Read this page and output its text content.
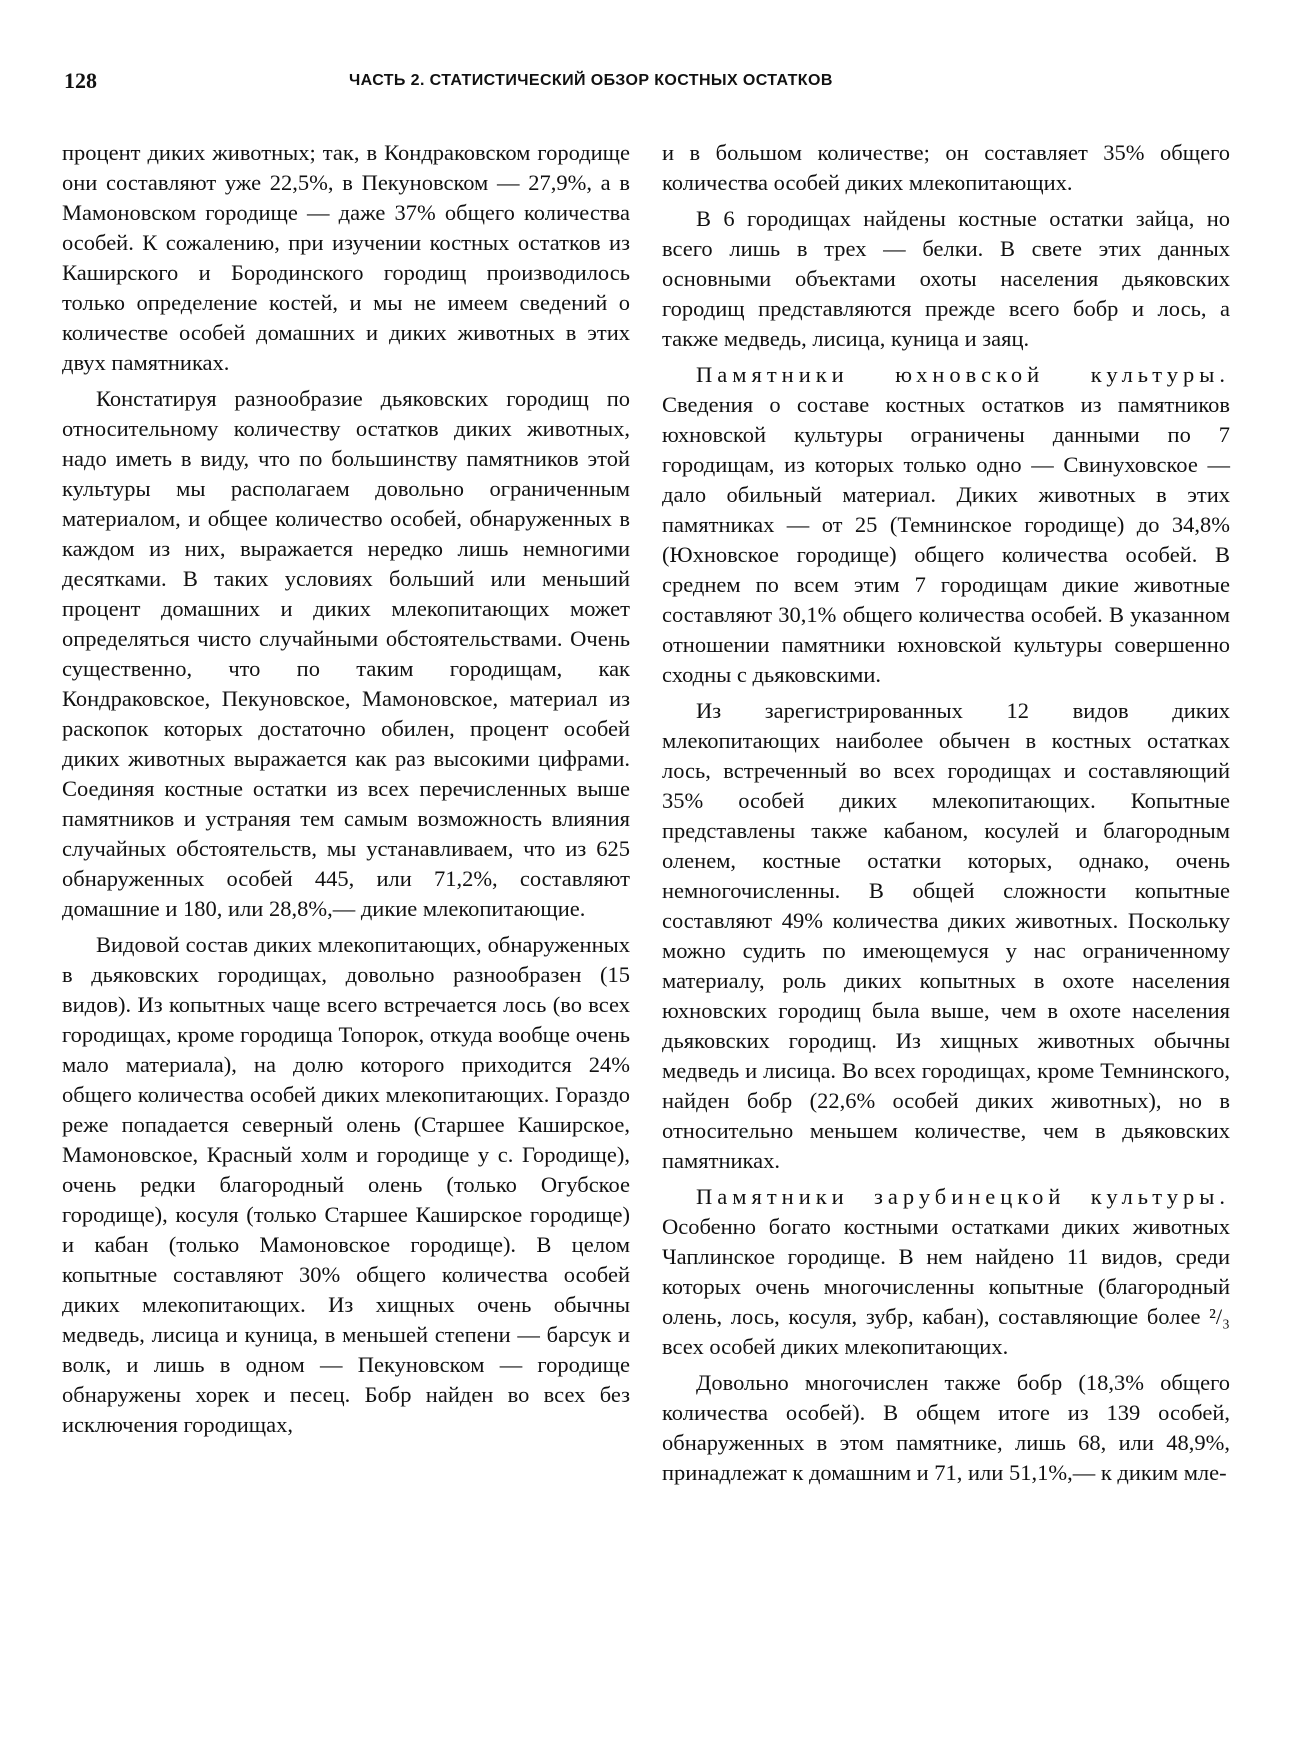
128	ЧАСТЬ 2. СТАТИСТИЧЕСКИЙ ОБЗОР КОСТНЫХ ОСТАТКОВ

процент диких животных; так, в Кондраковском городище они составляют уже 22,5%, в Пекуновском — 27,9%, а в Мамоновском городище — даже 37% общего количества особей. К сожалению, при изучении костных остатков из Каширского и Бородинского городищ производилось только определение костей, и мы не имеем сведений о количестве особей домашних и диких животных в этих двух памятниках.

Констатируя разнообразие дьяковских городищ по относительному количеству остатков диких животных, надо иметь в виду, что по большинству памятников этой культуры мы располагаем довольно ограниченным материалом, и общее количество особей, обнаруженных в каждом из них, выражается нередко лишь немногими десятками. В таких условиях больший или меньший процент домашних и диких млекопитающих может определяться чисто случайными обстоятельствами. Очень существенно, что по таким городищам, как Кондраковское, Пекуновское, Мамоновское, материал из раскопок которых достаточно обилен, процент особей диких животных выражается как раз высокими цифрами. Соединяя костные остатки из всех перечисленных выше памятников и устраняя тем самым возможность влияния случайных обстоятельств, мы устанавливаем, что из 625 обнаруженных особей 445, или 71,2%, составляют домашние и 180, или 28,8%,— дикие млекопитающие.

Видовой состав диких млекопитающих, обнаруженных в дьяковских городищах, довольно разнообразен (15 видов). Из копытных чаще всего встречается лось (во всех городищах, кроме городища Топорок, откуда вообще очень мало материала), на долю которого приходится 24% общего количества особей диких млекопитающих. Гораздо реже попадается северный олень (Старшее Каширское, Мамоновское, Красный холм и городище у с. Городище), очень редки благородный олень (только Огубское городище), косуля (только Старшее Каширское городище) и кабан (только Мамоновское городище). В целом копытные составляют 30% общего количества особей диких млекопитающих. Из хищных очень обычны медведь, лисица и куница, в меньшей степени — барсук и волк, и лишь в одном — Пекуновском — городище обнаружены хорек и песец. Бобр найден во всех без исключения городищах,

и в большом количестве; он составляет 35% общего количества особей диких млекопитающих.

В 6 городищах найдены костные остатки зайца, но всего лишь в трех — белки. В свете этих данных основными объектами охоты населения дьяковских городищ представляются прежде всего бобр и лось, а также медведь, лисица, куница и заяц.

Памятники юхновской культуры. Сведения о составе костных остатков из памятников юхновской культуры ограничены данными по 7 городищам, из которых только одно — Свинуховское — дало обильный материал. Диких животных в этих памятниках — от 25 (Темнинское городище) до 34,8% (Юхновское городище) общего количества особей. В среднем по всем этим 7 городищам дикие животные составляют 30,1% общего количества особей. В указанном отношении памятники юхновской культуры совершенно сходны с дьяковскими.

Из зарегистрированных 12 видов диких млекопитающих наиболее обычен в костных остатках лось, встреченный во всех городищах и составляющий 35% особей диких млекопитающих. Копытные представлены также кабаном, косулей и благородным оленем, костные остатки которых, однако, очень немногочисленны. В общей сложности копытные составляют 49% количества диких животных. Поскольку можно судить по имеющемуся у нас ограниченному материалу, роль диких копытных в охоте населения юхновских городищ была выше, чем в охоте населения дьяковских городищ. Из хищных животных обычны медведь и лисица. Во всех городищах, кроме Темнинского, найден бобр (22,6% особей диких животных), но в относительно меньшем количестве, чем в дьяковских памятниках.

Памятники зарубинецкой культуры. Особенно богато костными остатками диких животных Чаплинское городище. В нем найдено 11 видов, среди которых очень многочисленны копытные (благородный олень, лось, косуля, зубр, кабан), составляющие более ²/₃ всех особей диких млекопитающих.

Довольно многочислен также бобр (18,3% общего количества особей). В общем итоге из 139 особей, обнаруженных в этом памятнике, лишь 68, или 48,9%, принадлежат к домашним и 71, или 51,1%,— к диким мле-
